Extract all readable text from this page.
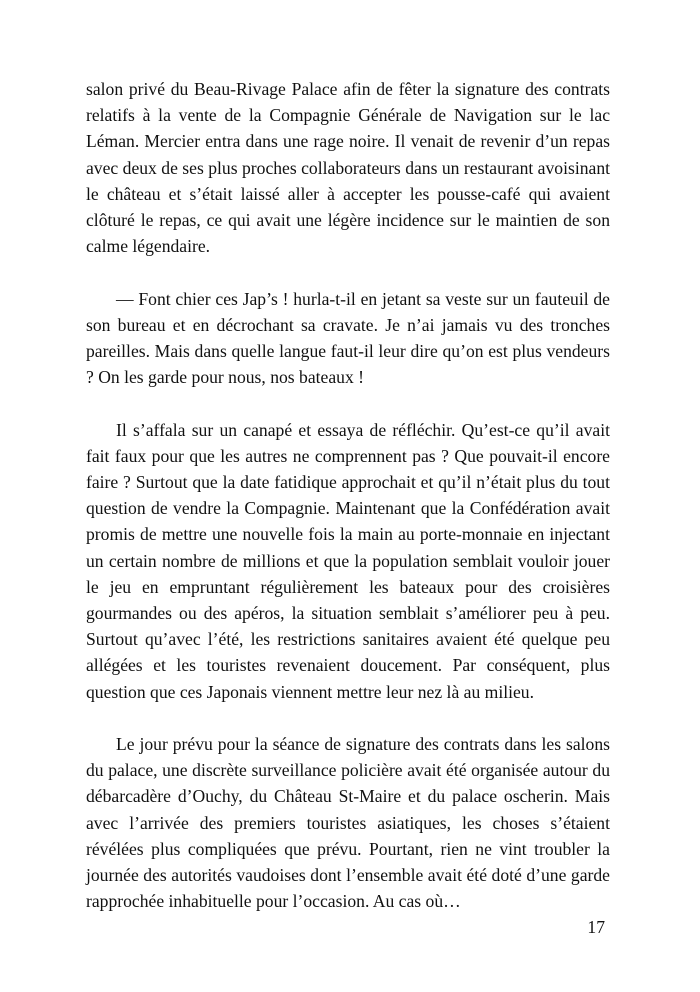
salon privé du Beau-Rivage Palace afin de fêter la signature des contrats relatifs à la vente de la Compagnie Générale de Navigation sur le lac Léman. Mercier entra dans une rage noire. Il venait de revenir d’un repas avec deux de ses plus proches collaborateurs dans un restaurant avoisinant le château et s’était laissé aller à accepter les pousse-café qui avaient clôturé le repas, ce qui avait une légère incidence sur le maintien de son calme légendaire.

— Font chier ces Jap’s ! hurla-t-il en jetant sa veste sur un fauteuil de son bureau et en décrochant sa cravate. Je n’ai jamais vu des tronches pareilles. Mais dans quelle langue faut-il leur dire qu’on est plus vendeurs ? On les garde pour nous, nos bateaux !

Il s’affala sur un canapé et essaya de réfléchir. Qu’est-ce qu’il avait fait faux pour que les autres ne comprennent pas ? Que pouvait-il encore faire ? Surtout que la date fatidique approchait et qu’il n’était plus du tout question de vendre la Compagnie. Maintenant que la Confédération avait promis de mettre une nouvelle fois la main au porte-monnaie en injectant un certain nombre de millions et que la population semblait vouloir jouer le jeu en empruntant régulièrement les bateaux pour des croisières gourmandes ou des apéros, la situation semblait s’améliorer peu à peu. Surtout qu’avec l’été, les restrictions sanitaires avaient été quelque peu allégées et les touristes revenaient doucement. Par conséquent, plus question que ces Japonais viennent mettre leur nez là au milieu.

Le jour prévu pour la séance de signature des contrats dans les salons du palace, une discrète surveillance policière avait été organisée autour du débarcadère d’Ouchy, du Château St-Maire et du palace oscherin. Mais avec l’arrivée des premiers touristes asiatiques, les choses s’étaient révélées plus compliquées que prévu. Pourtant, rien ne vint troubler la journée des autorités vaudoises dont l’ensemble avait été doté d’une garde rapprochée inhabituelle pour l’occasion. Au cas où…

17
